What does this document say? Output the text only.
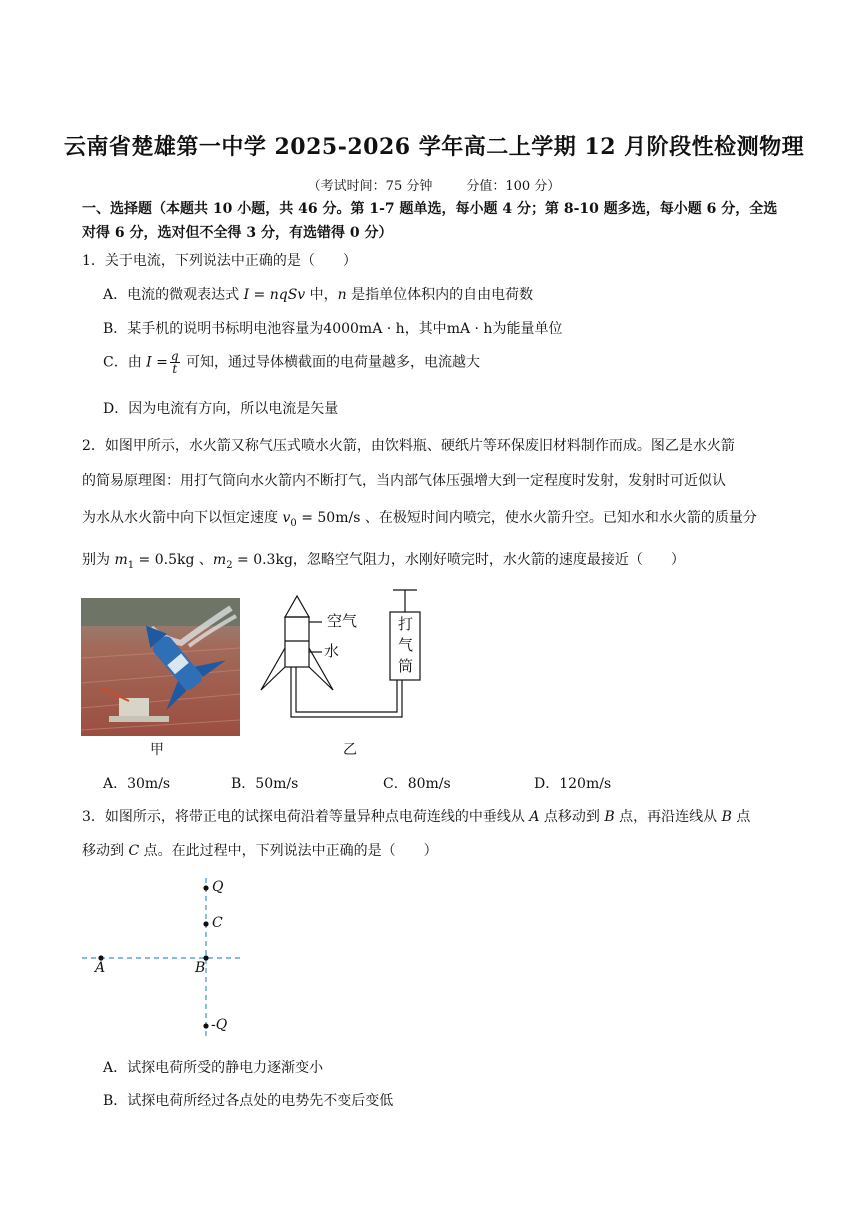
云南省楚雄第一中学 2025-2026 学年高二上学期 12 月阶段性检测物理
（考试时间：75 分钟	分值：100 分）
一、选择题（本题共 10 小题，共 46 分。第 1-7 题单选，每小题 4 分；第 8-10 题多选，每小题 6 分，全选
对得 6 分，选对但不全得 3 分，有选错得 0 分）
1．关于电流，下列说法中正确的是（　　）
A．电流的微观表达式 I = nqSv 中，n 是指单位体积内的自由电荷数
B．某手机的说明书标明电池容量为4000mA · h，其中mA · h为能量单位
C．由 $I = \frac{q}{t}$ 可知，通过导体横截面的电荷量越多，电流越大
D．因为电流有方向，所以电流是矢量
2．如图甲所示，水火箭又称气压式喷水火箭，由饮料瓶、硬纸片等环保废旧材料制作而成。图乙是水火箭
的简易原理图：用打气筒向水火箭内不断打气，当内部气体压强增大到一定程度时发射，发射时可近似认
为水从水火箭中向下以恒定速度 $v_0 = 50m/s$ 、在极短时间内喷完，使水火箭升空。已知水和水火箭的质量分
别为 $m_1 = 0.5kg$ 、$m_2 = 0.3kg$，忽略空气阻力，水刚好喷完时，水火箭的速度最接近（　　）
甲
空气
水
打
气
筒
乙
A．30m/s	B．50m/s	C．80m/s	D．120m/s
3．如图所示，将带正电的试探电荷沿着等量异种点电荷连线的中垂线从 A 点移动到 B 点，再沿连线从 B 点
移动到 C 点。在此过程中，下列说法中正确的是（　　）
Q
C
A	B
-Q
A．试探电荷所受的静电力逐渐变小
B．试探电荷所经过各点处的电势先不变后变低
